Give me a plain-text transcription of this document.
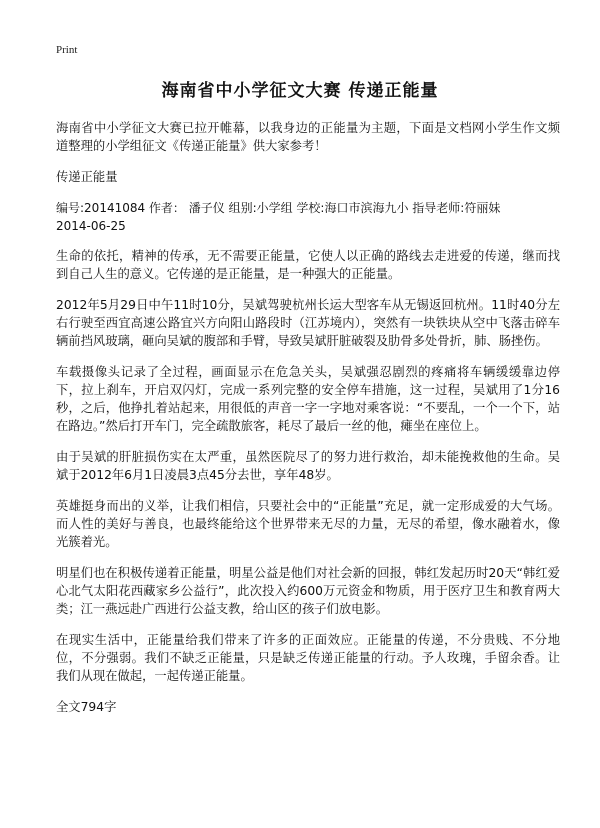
Print
海南省中小学征文大赛 传递正能量

海南省中小学征文大赛已拉开帷幕，以我身边的正能量为主题，下面是文档网小学生作文频道整理的小学组征文《传递正能量》供大家参考！

传递正能量

编号:20141084 作者： 潘子仪 组别:小学组 学校:海口市滨海九小 指导老师:符丽妹
2014-06-25

生命的依托，精神的传承，无不需要正能量，它使人以正确的路线去走进爱的传递，继而找到自己人生的意义。它传递的是正能量，是一种强大的正能量。

2012年5月29日中午11时10分，吴斌驾驶杭州长运大型客车从无锡返回杭州。11时40分左右行驶至西宜高速公路宜兴方向阳山路段时（江苏境内），突然有一块铁块从空中飞落击碎车辆前挡风玻璃，砸向吴斌的腹部和手臂，导致吴斌肝脏破裂及肋骨多处骨折，肺、肠挫伤。

车载摄像头记录了全过程，画面显示在危急关头，吴斌强忍剧烈的疼痛将车辆缓缓靠边停下，拉上刹车，开启双闪灯，完成一系列完整的安全停车措施，这一过程，吴斌用了1分16秒，之后，他挣扎着站起来，用很低的声音一字一字地对乘客说：“不要乱，一个一个下，站在路边。”然后打开车门，完全疏散旅客，耗尽了最后一丝的他，瘫坐在座位上。

由于吴斌的肝脏损伤实在太严重，虽然医院尽了的努力进行救治，却未能挽救他的生命。吴斌于2012年6月1日凌晨3点45分去世，享年48岁。

英雄挺身而出的义举，让我们相信，只要社会中的“正能量”充足，就一定形成爱的大气场。而人性的美好与善良，也最终能给这个世界带来无尽的力量，无尽的希望，像水融着水，像光簇着光。

明星们也在积极传递着正能量，明星公益是他们对社会新的回报，韩红发起历时20天“韩红爱心北气太阳花西藏家乡公益行”，此次投入约600万元资金和物质，用于医疗卫生和教育两大类；江一燕远赴广西进行公益支教，给山区的孩子们放电影。

在现实生活中，正能量给我们带来了许多的正面效应。正能量的传递，不分贵贱、不分地位，不分强弱。我们不缺乏正能量，只是缺乏传递正能量的行动。予人玫瑰，手留余香。让我们从现在做起，一起传递正能量。

全文794字
